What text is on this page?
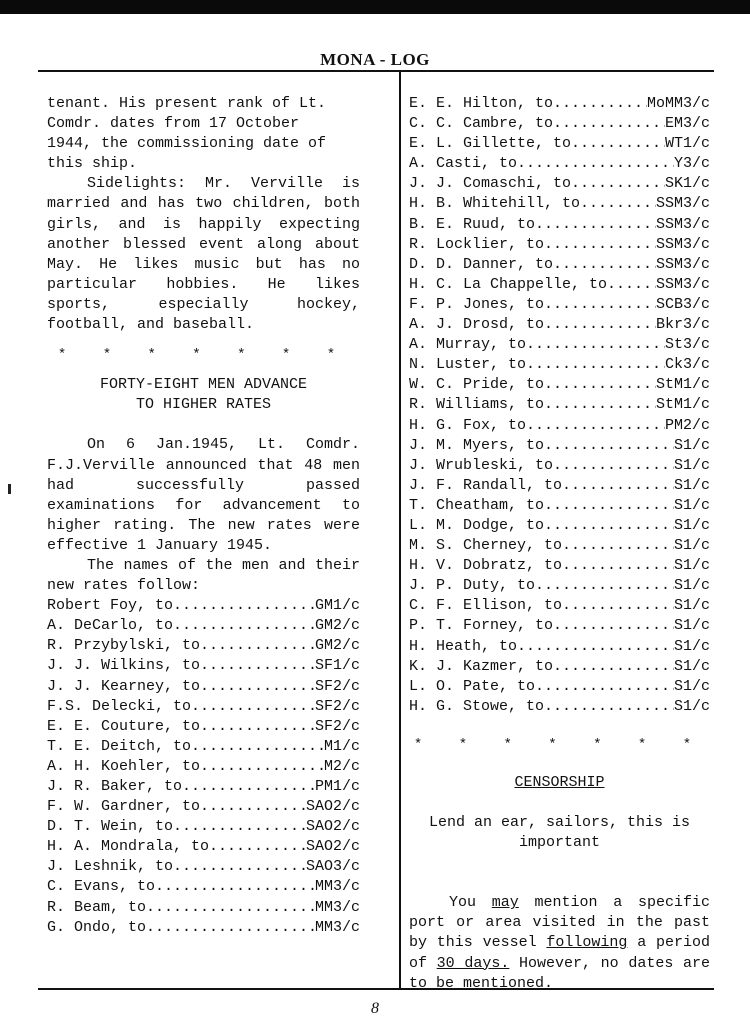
MONA - LOG

tenant. His present rank of Lt.

Comdr. dates from 17 October

1944, the commissioning date of

this ship.

Sidelights: Mr. Verville is married and has two children, both girls, and is happily expecting another blessed event along about May. He likes music but has no particular hobbies. He likes sports, especially hockey, football, and baseball.

* * * * * * *

FORTY-EIGHT MEN ADVANCE

TO HIGHER RATES

On 6 Jan.1945, Lt. Comdr. F.J.Verville announced that 48 men had successfully passed examinations for advancement to higher rating. The new rates were effective 1 January 1945.

The names of the men and their new rates follow:

Robert Foy, to .....	GM1/c
A. DeCarlo, to .....	GM2/c
R. Przybylski, to .....	GM2/c
J. J. Wilkins, to .....	SF1/c
J. J. Kearney, to .....	SF2/c
F.S. Delecki, to .....	SF2/c
E. E. Couture, to .....	SF2/c
T. E. Deitch, to .....	M1/c
A. H. Koehler, to .....	M2/c
J. R. Baker, to .....	PM1/c
F. W. Gardner, to .....	SAO2/c
D. T. Wein, to .....	SAO2/c
H. A. Mondrala, to .....	SAO2/c
J. Leshnik, to .....	SAO3/c
C. Evans, to .....	MM3/c
R. Beam, to .....	MM3/c
G. Ondo, to .....	MM3/c
E. E. Hilton, to .....	MoMM3/c
C. C. Cambre, to .....	EM3/c
E. L. Gillette, to .....	WT1/c
A. Casti, to .....	Y3/c
J. J. Comaschi, to .....	SK1/c
H. B. Whitehill, to .....	SSM3/c
B. E. Ruud, to .....	SSM3/c
R. Locklier, to .....	SSM3/c
D. D. Danner, to .....	SSM3/c
H. C. La Chappelle, to .....	SSM3/c
F. P. Jones, to .....	SCB3/c
A. J. Drosd, to .....	Bkr3/c
A. Murray, to .....	St3/c
N. Luster, to .....	Ck3/c
W. C. Pride, to .....	StM1/c
R. Williams, to .....	StM1/c
H. G. Fox, to .....	PM2/c
J. M. Myers, to .....	S1/c
J. Wrubleski, to .....	S1/c
J. F. Randall, to .....	S1/c
T. Cheatham, to .....	S1/c
L. M. Dodge, to .....	S1/c
M. S. Cherney, to .....	S1/c
H. V. Dobratz, to .....	S1/c
J. P. Duty, to .....	S1/c
C. F. Ellison, to .....	S1/c
P. T. Forney, to .....	S1/c
H. Heath, to .....	S1/c
K. J. Kazmer, to .....	S1/c
L. O. Pate, to .....	S1/c
H. G. Stowe, to .....	S1/c
* * * * * * *

CENSORSHIP

Lend an ear, sailors, this is

important

You may mention a specific port or area visited in the past by this vessel following a period of 30 days. However, no dates are to be mentioned.

8
